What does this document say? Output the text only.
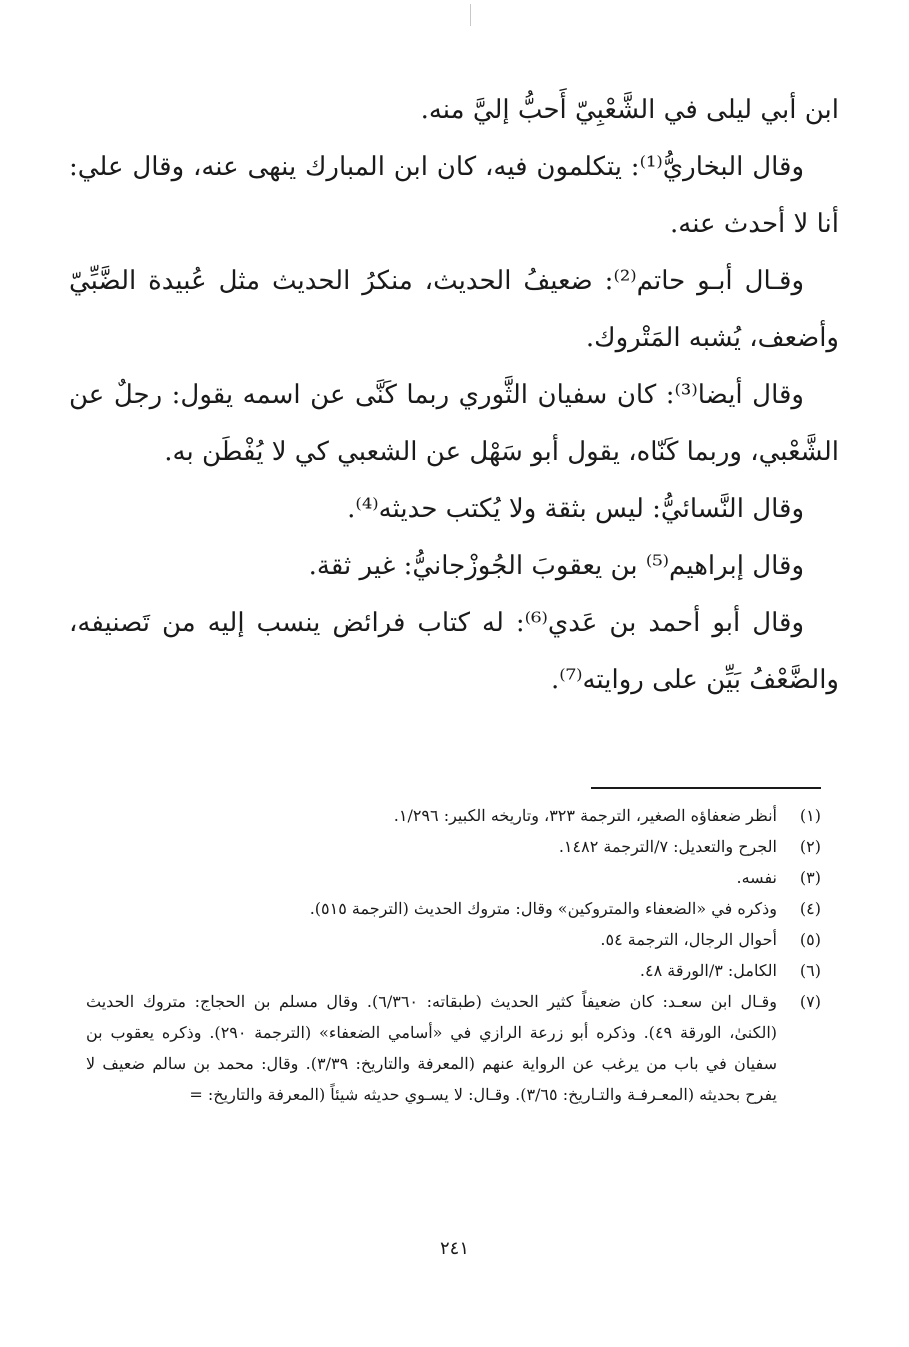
ابن أبي ليلى في الشَّعْبِيّ أَحبُّ إليَّ منه.

وقال البخاريُّ⁽¹⁾: يتكلمون فيه، كان ابن المبارك ينهى عنه، وقال علي: أنا لا أحدث عنه.

وقـال أبـو حاتم⁽²⁾: ضعيفُ الحديث، منكرُ الحديث مثل عُبيدة الضَّبِّيّ وأضعف، يُشبه المَتْروك.

وقال أيضا⁽³⁾: كان سفيان الثَّوري ربما كَنَّى عن اسمه يقول: رجلٌ عن الشَّعْبي، وربما كَنّاه، يقول أبو سَهْل عن الشعبي كي لا يُفْطَن به.

وقال النَّسائيُّ: ليس بثقة ولا يُكتب حديثه⁽⁴⁾.

وقال إبراهيم⁽⁵⁾ بن يعقوبَ الجُوزْجانيُّ: غير ثقة.

وقال أبو أحمد بن عَدي⁽⁶⁾: له كتاب فرائض ينسب إليه من تَصنيفه، والضَّعْفُ بَيِّن على روايته⁽⁷⁾.

(١)
أنظر ضعفاؤه الصغير، الترجمة ٣٢٣، وتاريخه الكبير: ١/٢٩٦.
(٢)
الجرح والتعديل: ٧/الترجمة ١٤٨٢.
(٣)
نفسه.
(٤)
وذكره في «الضعفاء والمتروكين» وقال: متروك الحديث (الترجمة ٥١٥).
(٥)
أحوال الرجال، الترجمة ٥٤.
(٦)
الكامل: ٣/الورقة ٤٨.
(٧)
وقـال ابن سعـد: كان ضعيفاً كثير الحديث (طبقاته: ٦/٣٦٠). وقال مسلم بن الحجاج: متروك الحديث (الكنىٰ، الورقة ٤٩). وذكره أبو زرعة الرازي في «أسامي الضعفاء» (الترجمة ٢٩٠). وذكره يعقوب بن سفيان في باب من يرغب عن الرواية عنهم (المعرفة والتاريخ: ٣/٣٩). وقال: محمد بن سالم ضعيف لا يفرح بحديثه (المعـرفـة والتـاريخ: ٣/٦٥). وقـال: لا يسـوي حديثه شيئاً (المعرفة والتاريخ: =
٢٤١
